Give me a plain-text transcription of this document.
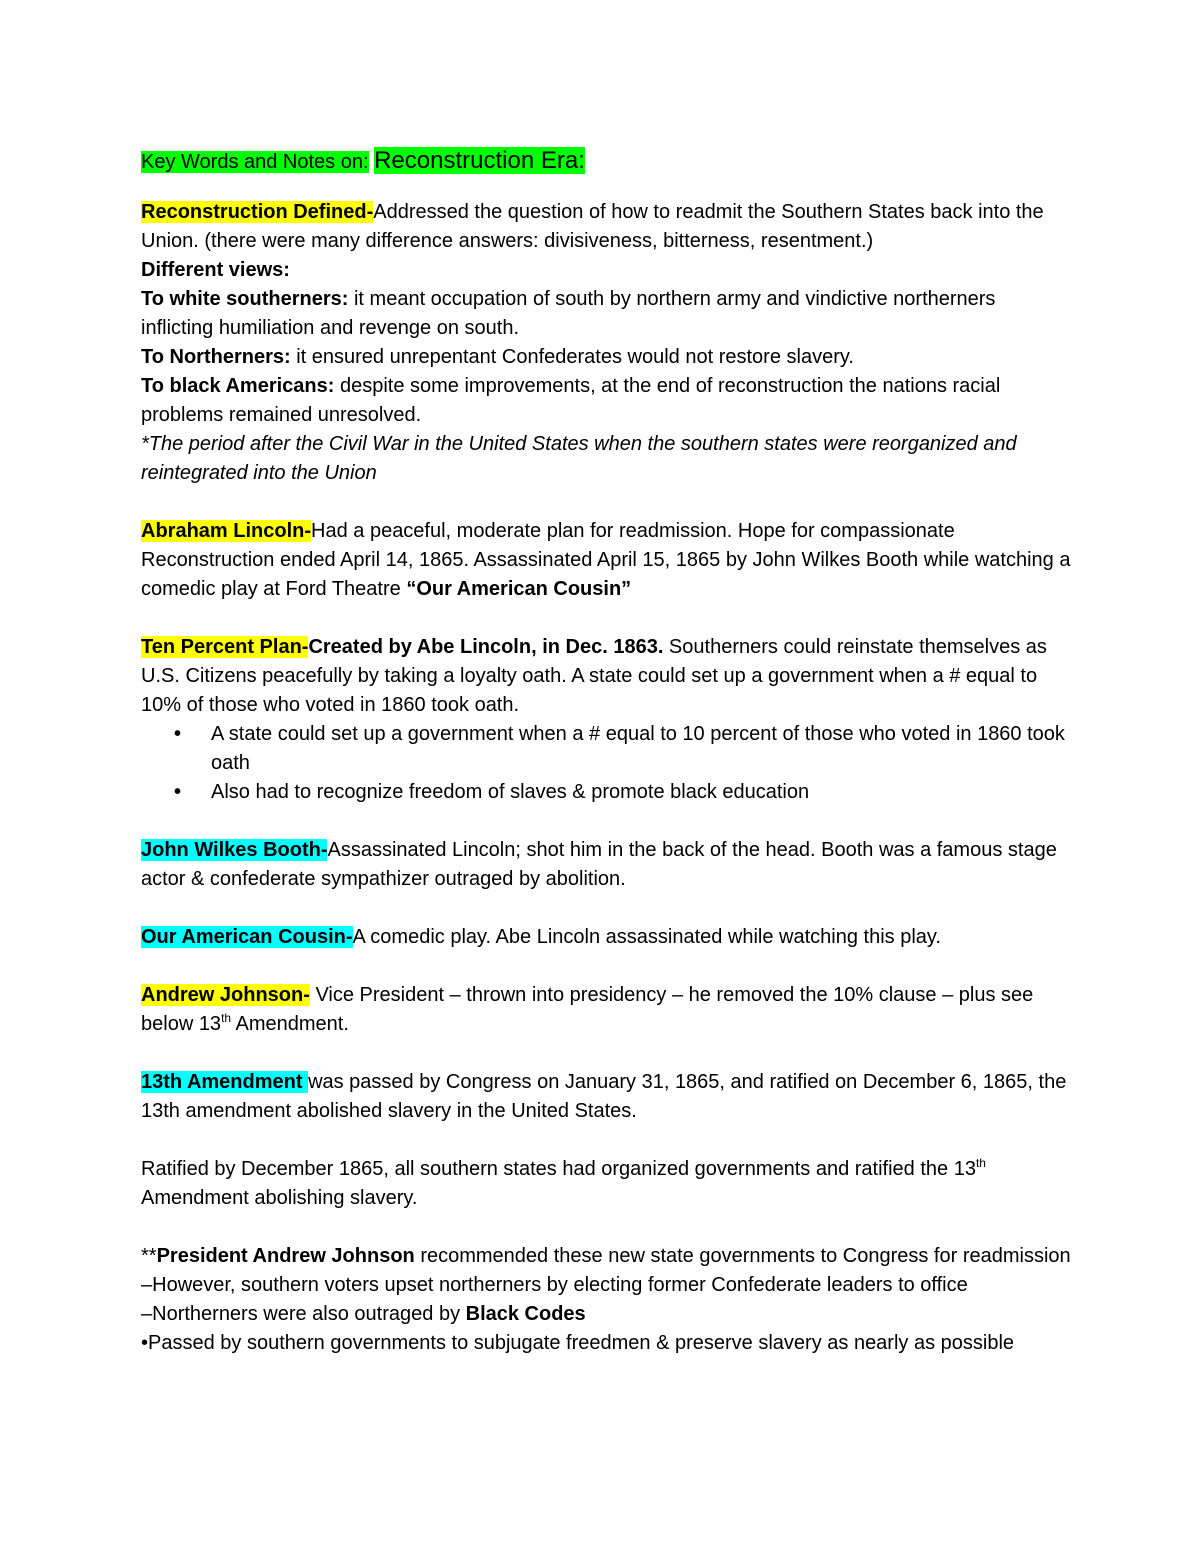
Key Words and Notes on: Reconstruction Era:

Reconstruction Defined-Addressed the question of how to readmit the Southern States back into the Union. (there were many difference answers: divisiveness, bitterness, resentment.)

Different views:

To white southerners: it meant occupation of south by northern army and vindictive northerners inflicting humiliation and revenge on south.

To Northerners: it ensured unrepentant Confederates would not restore slavery.

To black Americans: despite some improvements, at the end of reconstruction the nations racial problems remained unresolved.

*The period after the Civil War in the United States when the southern states were reorganized and reintegrated into the Union

Abraham Lincoln-Had a peaceful, moderate plan for readmission. Hope for compassionate Reconstruction ended April 14, 1865. Assassinated April 15, 1865 by John Wilkes Booth while watching a comedic play at Ford Theatre “Our American Cousin”

Ten Percent Plan-Created by Abe Lincoln, in Dec. 1863. Southerners could reinstate themselves as U.S. Citizens peacefully by taking a loyalty oath. A state could set up a government when a # equal to 10% of those who voted in 1860 took oath.

• A state could set up a government when a # equal to 10 percent of those who voted in 1860 took oath
• Also had to recognize freedom of slaves & promote black education

John Wilkes Booth-Assassinated Lincoln; shot him in the back of the head. Booth was a famous stage actor & confederate sympathizer outraged by abolition.

Our American Cousin-A comedic play. Abe Lincoln assassinated while watching this play.

Andrew Johnson- Vice President – thrown into presidency – he removed the 10% clause – plus see below 13th Amendment.

13th Amendment was passed by Congress on January 31, 1865, and ratified on December 6, 1865, the 13th amendment abolished slavery in the United States.

Ratified by December 1865, all southern states had organized governments and ratified the 13th Amendment abolishing slavery.

**President Andrew Johnson recommended these new state governments to Congress for readmission

–However, southern voters upset northerners by electing former Confederate leaders to office

–Northerners were also outraged by Black Codes

•Passed by southern governments to subjugate freedmen & preserve slavery as nearly as possible
